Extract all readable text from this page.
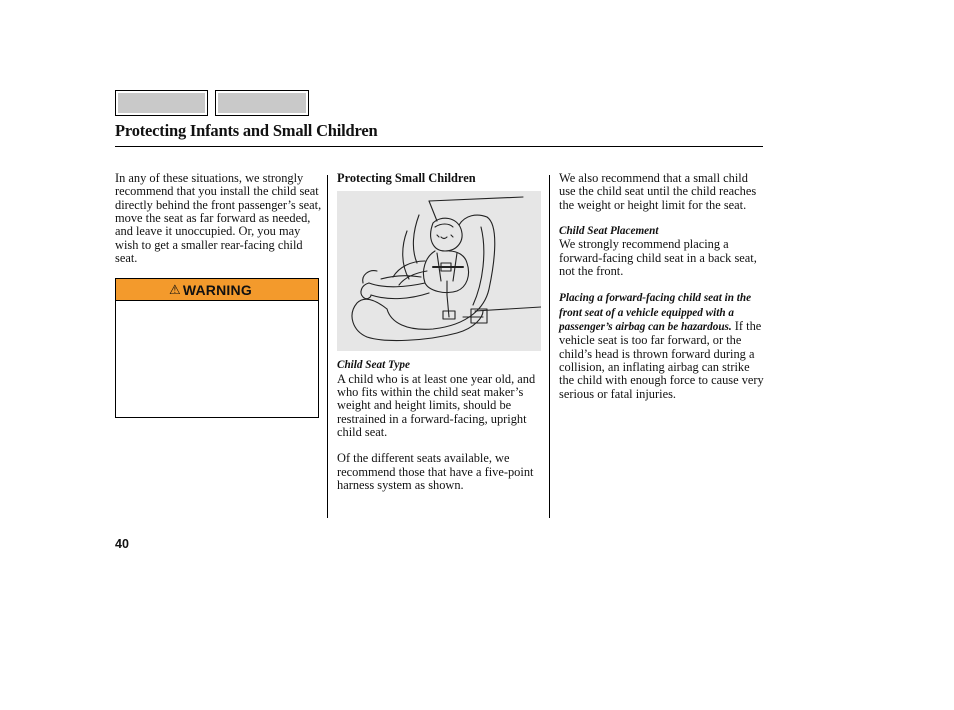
Protecting Infants and Small Children

In any of these situations, we strongly recommend that you install the child seat directly behind the front passenger’s seat, move the seat as far forward as needed, and leave it unoccupied. Or, you may wish to get a smaller rear-facing child seat.

⚠ WARNING

Protecting Small Children

Child Seat Type

A child who is at least one year old, and who fits within the child seat maker’s weight and height limits, should be restrained in a forward-facing, upright child seat.

Of the different seats available, we recommend those that have a five-point harness system as shown.

We also recommend that a small child use the child seat until the child reaches the weight or height limit for the seat.

Child Seat Placement

We strongly recommend placing a forward-facing child seat in a back seat, not the front.

Placing a forward-facing child seat in the front seat of a vehicle equipped with a passenger’s airbag can be hazardous. If the vehicle seat is too far forward, or the child’s head is thrown forward during a collision, an inflating airbag can strike the child with enough force to cause very serious or fatal injuries.

40
